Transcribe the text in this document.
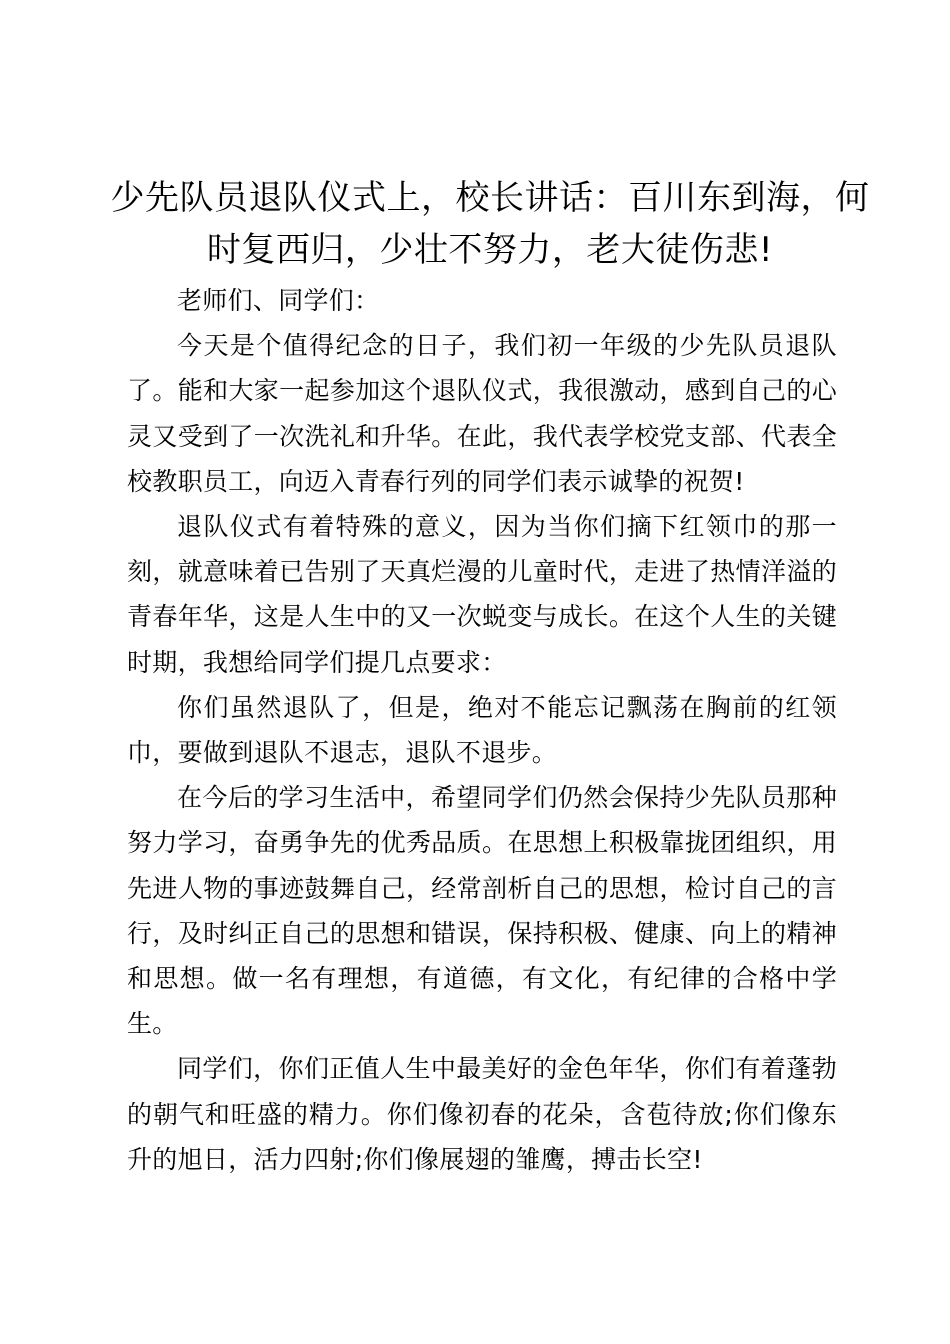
少先队员退队仪式上，校长讲话：百川东到海，何时复西归，少壮不努力，老大徒伤悲!

老师们、同学们：

今天是个值得纪念的日子，我们初一年级的少先队员退队了。能和大家一起参加这个退队仪式，我很激动，感到自己的心灵又受到了一次洗礼和升华。在此，我代表学校党支部、代表全校教职员工，向迈入青春行列的同学们表示诚挚的祝贺!

退队仪式有着特殊的意义，因为当你们摘下红领巾的那一刻，就意味着已告别了天真烂漫的儿童时代，走进了热情洋溢的青春年华，这是人生中的又一次蜕变与成长。在这个人生的关键时期，我想给同学们提几点要求：

你们虽然退队了，但是，绝对不能忘记飘荡在胸前的红领巾，要做到退队不退志，退队不退步。

在今后的学习生活中，希望同学们仍然会保持少先队员那种努力学习，奋勇争先的优秀品质。在思想上积极靠拢团组织，用先进人物的事迹鼓舞自己，经常剖析自己的思想，检讨自己的言行，及时纠正自己的思想和错误，保持积极、健康、向上的精神和思想。做一名有理想，有道德，有文化，有纪律的合格中学生。

同学们，你们正值人生中最美好的金色年华，你们有着蓬勃的朝气和旺盛的精力。你们像初春的花朵，含苞待放;你们像东升的旭日，活力四射;你们像展翅的雏鹰，搏击长空!
